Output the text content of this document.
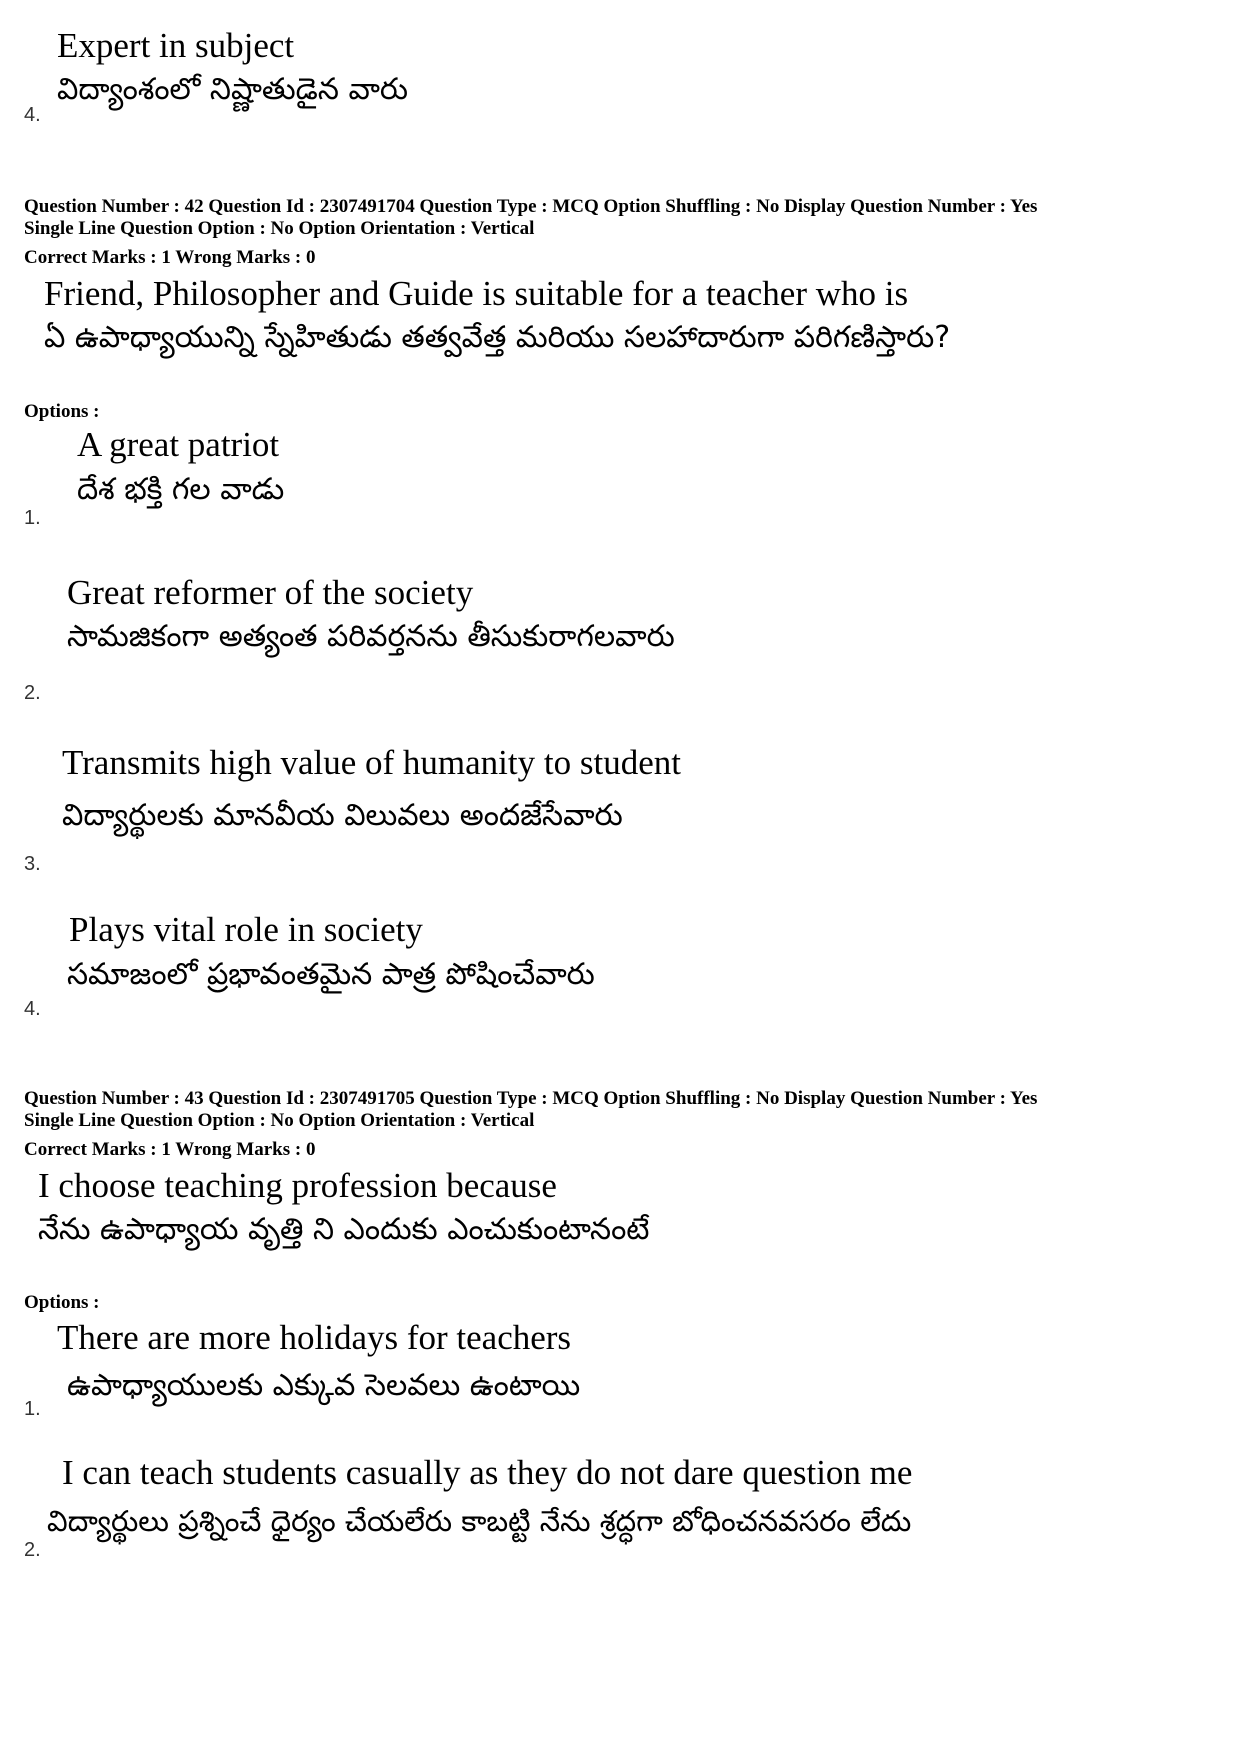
Expert in subject
విద్యాంశంలో నిష్ణాతుడైన వారు
4.
Question Number : 42 Question Id : 2307491704 Question Type : MCQ Option Shuffling : No Display Question Number : Yes
Single Line Question Option : No Option Orientation : Vertical
Correct Marks : 1 Wrong Marks : 0
Friend, Philosopher and Guide is suitable for a teacher who is
ఏ ఉపాధ్యాయున్ని స్నేహితుడు తత్వవేత్త మరియు సలహాదారుగా పరిగణిస్తారు?
Options :
A great patriot
దేశ భక్తి గల వాడు
1.
Great reformer of the society
సామజికంగా అత్యంత పరివర్తనను తీసుకురాగలవారు
2.
Transmits high value of humanity to student
విద్యార్థులకు మానవీయ విలువలు అందజేసేవారు
3.
Plays vital role in society
సమాజంలో ప్రభావంతమైన పాత్ర పోషించేవారు
4.
Question Number : 43 Question Id : 2307491705 Question Type : MCQ Option Shuffling : No Display Question Number : Yes
Single Line Question Option : No Option Orientation : Vertical
Correct Marks : 1 Wrong Marks : 0
I choose teaching profession because
నేను ఉపాధ్యాయ వృత్తి ని ఎందుకు ఎంచుకుంటానంటే
Options :
There are more holidays for teachers
ఉపాధ్యాయులకు ఎక్కువ సెలవలు ఉంటాయి
1.
I can teach students casually as they do not dare question me
విద్యార్థులు ప్రశ్నించే ధైర్యం చేయలేరు కాబట్టి నేను శ్రద్ధగా బోధించనవసరం లేదు
2.
